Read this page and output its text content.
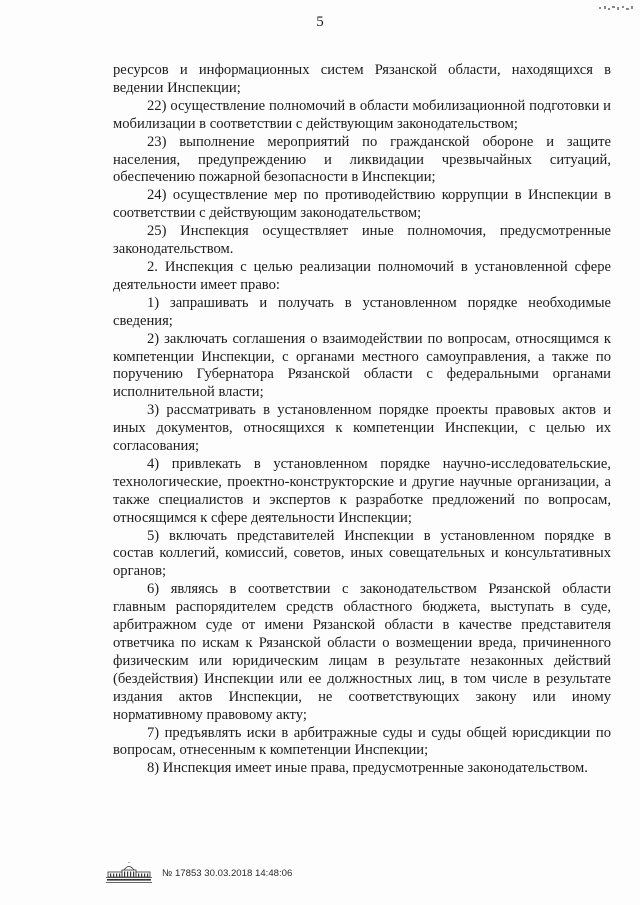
5

ресурсов и информационных систем Рязанской области, находящихся в ведении Инспекции;

22) осуществление полномочий в области мобилизационной подготовки и мобилизации в соответствии с действующим законодательством;

23) выполнение мероприятий по гражданской обороне и защите населения, предупреждению и ликвидации чрезвычайных ситуаций, обеспечению пожарной безопасности в Инспекции;

24) осуществление мер по противодействию коррупции в Инспекции в соответствии с действующим законодательством;

25) Инспекция осуществляет иные полномочия, предусмотренные законодательством.

2. Инспекция с целью реализации полномочий в установленной сфере деятельности имеет право:

1) запрашивать и получать в установленном порядке необходимые сведения;

2) заключать соглашения о взаимодействии по вопросам, относящимся к компетенции Инспекции, с органами местного самоуправления, а также по поручению Губернатора Рязанской области с федеральными органами исполнительной власти;

3) рассматривать в установленном порядке проекты правовых актов и иных документов, относящихся к компетенции Инспекции, с целью их согласования;

4) привлекать в установленном порядке научно-исследовательские, технологические, проектно-конструкторские и другие научные организации, а также специалистов и экспертов к разработке предложений по вопросам, относящимся к сфере деятельности Инспекции;

5) включать представителей Инспекции в установленном порядке в состав коллегий, комиссий, советов, иных совещательных и консультативных органов;

6) являясь в соответствии с законодательством Рязанской области главным распорядителем средств областного бюджета, выступать в суде, арбитражном суде от имени Рязанской области в качестве представителя ответчика по искам к Рязанской области о возмещении вреда, причиненного физическим или юридическим лицам в результате незаконных действий (бездействия) Инспекции или ее должностных лиц, в том числе в результате издания актов Инспекции, не соответствующих закону или иному нормативному правовому акту;

7) предъявлять иски в арбитражные суды и суды общей юрисдикции по вопросам, отнесенным к компетенции Инспекции;

8) Инспекция имеет иные права, предусмотренные законодательством.

№ 17853 30.03.2018 14:48:06
